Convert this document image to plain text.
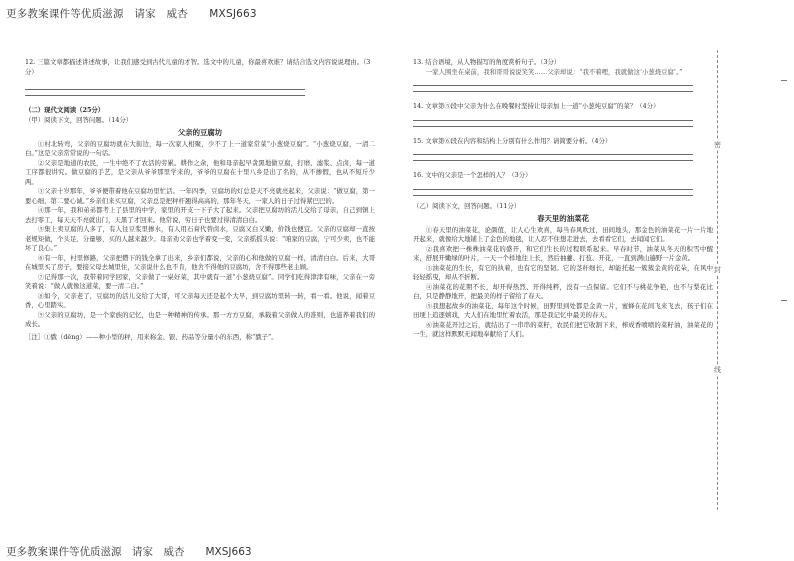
更多教案课件等优质滋源　请家　威杏　　MXSJ663

12. 三篇文章都描述讲述故事，让我们感受到古代儿童的才智。选文中的儿童，你最喜欢谁？请结合选文内容说说理由。（3分）

（二）现代文阅读（25分）

（甲）阅读下文，回答问题。（14分）

父亲的豆腐坊

①村北转弯，父亲的豆腐坊就在大街边，每一次家人相聚，少不了上一道家常菜“小葱烧豆腐”。“小葱烧豆腐，一清二白。”这是父亲常常说的一句话。

②父亲是地道的农民，一生中绝不了农活的劳累。耕作之余，他和母亲起早贪黑地做豆腐，打磨、滤浆、点卤，每一道工序都很讲究。做豆腐的手艺，是父亲从爷爷那里学来的，爷爷的豆腐在十里八乡是出了名的，从不掺假，也从不短斤少两。

③父亲十岁那年，爷爷便带着他在豆腐坊里忙活。一年四季，豆腐坊的灯总是天不亮就亮起来，父亲说：“做豆腐，第一要心细，第二要心诚。”乡亲们来买豆腐，父亲总是把秤杆翘得高高的，那年冬天，一家人的日子过得紧巴巴的。

④那一年，我和弟弟都考上了县里的中学，家里的开支一下子大了起来。父亲把豆腐坊的活儿交给了母亲，自己到镇上去打零工，每天天不亮就出门，天黑了才回来。他常说，穷日子也要过得清清白白。

⑤集上卖豆腐的人多了，有人往豆浆里掺水，有人用石膏代替卤水，豆腐又白又嫩，价钱也便宜。父亲的豆腐却一直按老规矩做，个头足、分量够，买的人越来越少。母亲劝父亲也学着变一变，父亲摇摇头说：“咱家的豆腐，宁可少卖，也不能坏了良心。”

⑥有一年，村里修路，父亲把攒下的钱全拿了出来，乡亲们都说，父亲的心和他做的豆腐一样，清清白白。后来，大哥在城里买了房子，要接父母去城里住，父亲说什么也不肯，他舍不得他的豆腐坊，舍不得那些老主顾。

⑦记得那一次，我带着同学回家，父亲做了一桌好菜，其中就有一道“小葱烧豆腐”。同学们吃得津津有味，父亲在一旁笑着说：“做人就像这道菜，要一清二白。”

⑧如今，父亲老了，豆腐坊的活儿交给了大哥，可父亲每天还是起个大早，到豆腐坊里转一转，看一看。他说，闻着豆香，心里踏实。

⑨父亲的豆腐坊，是一个家族的记忆，也是一种精神的传承。那一方方豆腐，承载着父亲做人的准则，也滋养着我们的成长。

［注］①戥（děng）——种小型的秤，用来称金、银、药品等分量小的东西，称“戥子”。

13. 结合语境，从人物描写的角度赏析句子。（3分）

一家人围坐在桌前，我和哥哥说说笑笑……父亲却说：“我不着哩，我就做这‘小葱烧豆腐’。”

14. 文章第⑤段中父亲为什么在晚餐时坚持让母亲加上一道“小葱炖豆腐”的菜？（4分）

15. 文章第⑥段在内容和结构上分别有什么作用？请简要分析。（4分）

16. 文中的父亲是一个怎样的人？（3分）

（乙）阅读下文，回答问题。（11分）

春天里的油菜花

①春天里的油菜花，论颜值，让人心生欢喜，每当春风吹过，田间地头，那金色的油菜花一片一片地开起来，就像给大地铺上了金色的地毯，让人忍不住想走进去，去看看它们，去闻闻它们。

②我喜欢把一株株油菜花的盛开，和它们生长的过程联系起来。早春时节，油菜从冬天的积雪中醒来，舒展开嫩绿的叶片，一天一个样地往上长，然后抽薹、打苞、开花，一直到满山遍野一片金黄。

③油菜花的生长，有它的执着，也有它的坚韧。它的茎秆细长，却能托起一簇簇金黄的花朵，在风中轻轻摇曳，却从不折断。

④油菜花的花期不长，却开得热烈、开得纯粹，没有一点保留。它们不与桃花争艳，也不与梨花比白，只是静静地开，把最美的样子留给了春天。

⑤我想起故乡的油菜花，每年这个时候，田野里到处都是金黄一片，蜜蜂在花间飞来飞去，孩子们在田埂上追逐嬉戏，大人们在地里忙着农活，那是我记忆中最美的春天。

⑥油菜花开过之后，就结出了一串串的菜籽，农民们把它收割下来，榨成香喷喷的菜籽油，油菜花的一生，就这样默默无闻地奉献给了人们。

密
封
线
更多教案课件等优质滋源　请家　威杏　　MXSJ663
